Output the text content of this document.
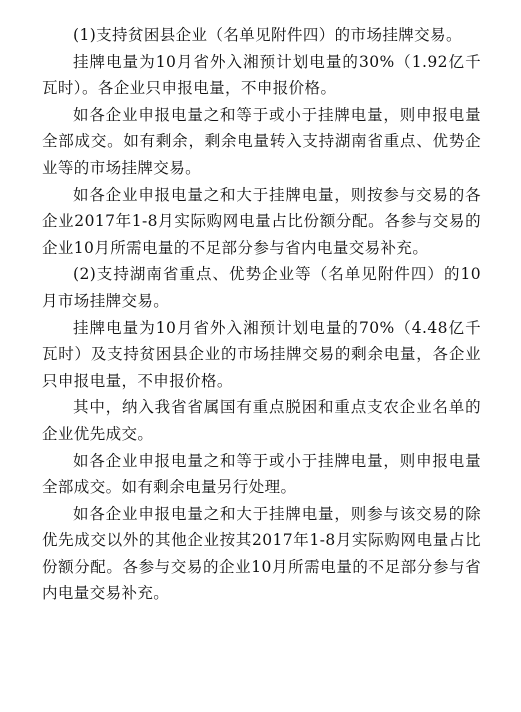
(1)支持贫困县企业（名单见附件四）的市场挂牌交易。

挂牌电量为10月省外入湘预计划电量的30%（1.92亿千瓦时）。各企业只申报电量，不申报价格。

如各企业申报电量之和等于或小于挂牌电量，则申报电量全部成交。如有剩余，剩余电量转入支持湖南省重点、优势企业等的市场挂牌交易。

如各企业申报电量之和大于挂牌电量，则按参与交易的各企业2017年1-8月实际购网电量占比份额分配。各参与交易的企业10月所需电量的不足部分参与省内电量交易补充。

(2)支持湖南省重点、优势企业等（名单见附件四）的10月市场挂牌交易。

挂牌电量为10月省外入湘预计划电量的70%（4.48亿千瓦时）及支持贫困县企业的市场挂牌交易的剩余电量，各企业只申报电量，不申报价格。

其中，纳入我省省属国有重点脱困和重点支农企业名单的企业优先成交。

如各企业申报电量之和等于或小于挂牌电量，则申报电量全部成交。如有剩余电量另行处理。

如各企业申报电量之和大于挂牌电量，则参与该交易的除优先成交以外的其他企业按其2017年1-8月实际购网电量占比份额分配。各参与交易的企业10月所需电量的不足部分参与省内电量交易补充。
